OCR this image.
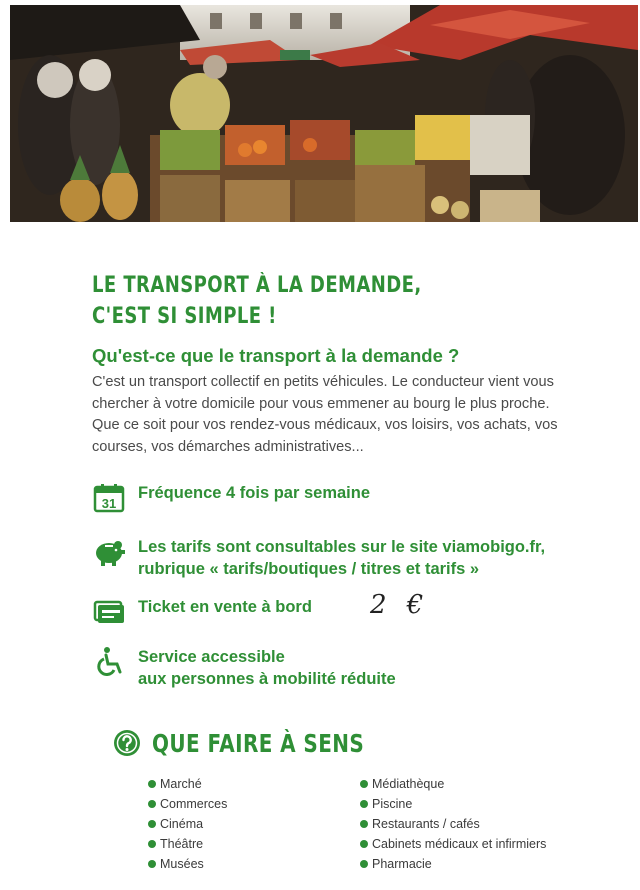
LE TRANSPORT À LA DEMANDE,
C'EST SI SIMPLE !
Qu'est-ce que le transport à la demande ?
C'est un transport collectif en petits véhicules. Le conducteur vient vous chercher à votre domicile pour vous emmener au bourg le plus proche. Que ce soit pour vos rendez-vous médicaux, vos loisirs, vos achats, vos courses, vos démarches administratives...
31
Fréquence 4 fois par semaine
Les tarifs sont consultables sur le site viamobigo.fr,
rubrique « tarifs/boutiques / titres et tarifs »
Ticket en vente à bord 2 €
Service accessible
aux personnes à mobilité réduite
QUE FAIRE À SENS
Marché
Commerces
Cinéma
Théâtre
Musées
Médiathèque
Piscine
Restaurants / cafés
Cabinets médicaux et infirmiers
Pharmacie
